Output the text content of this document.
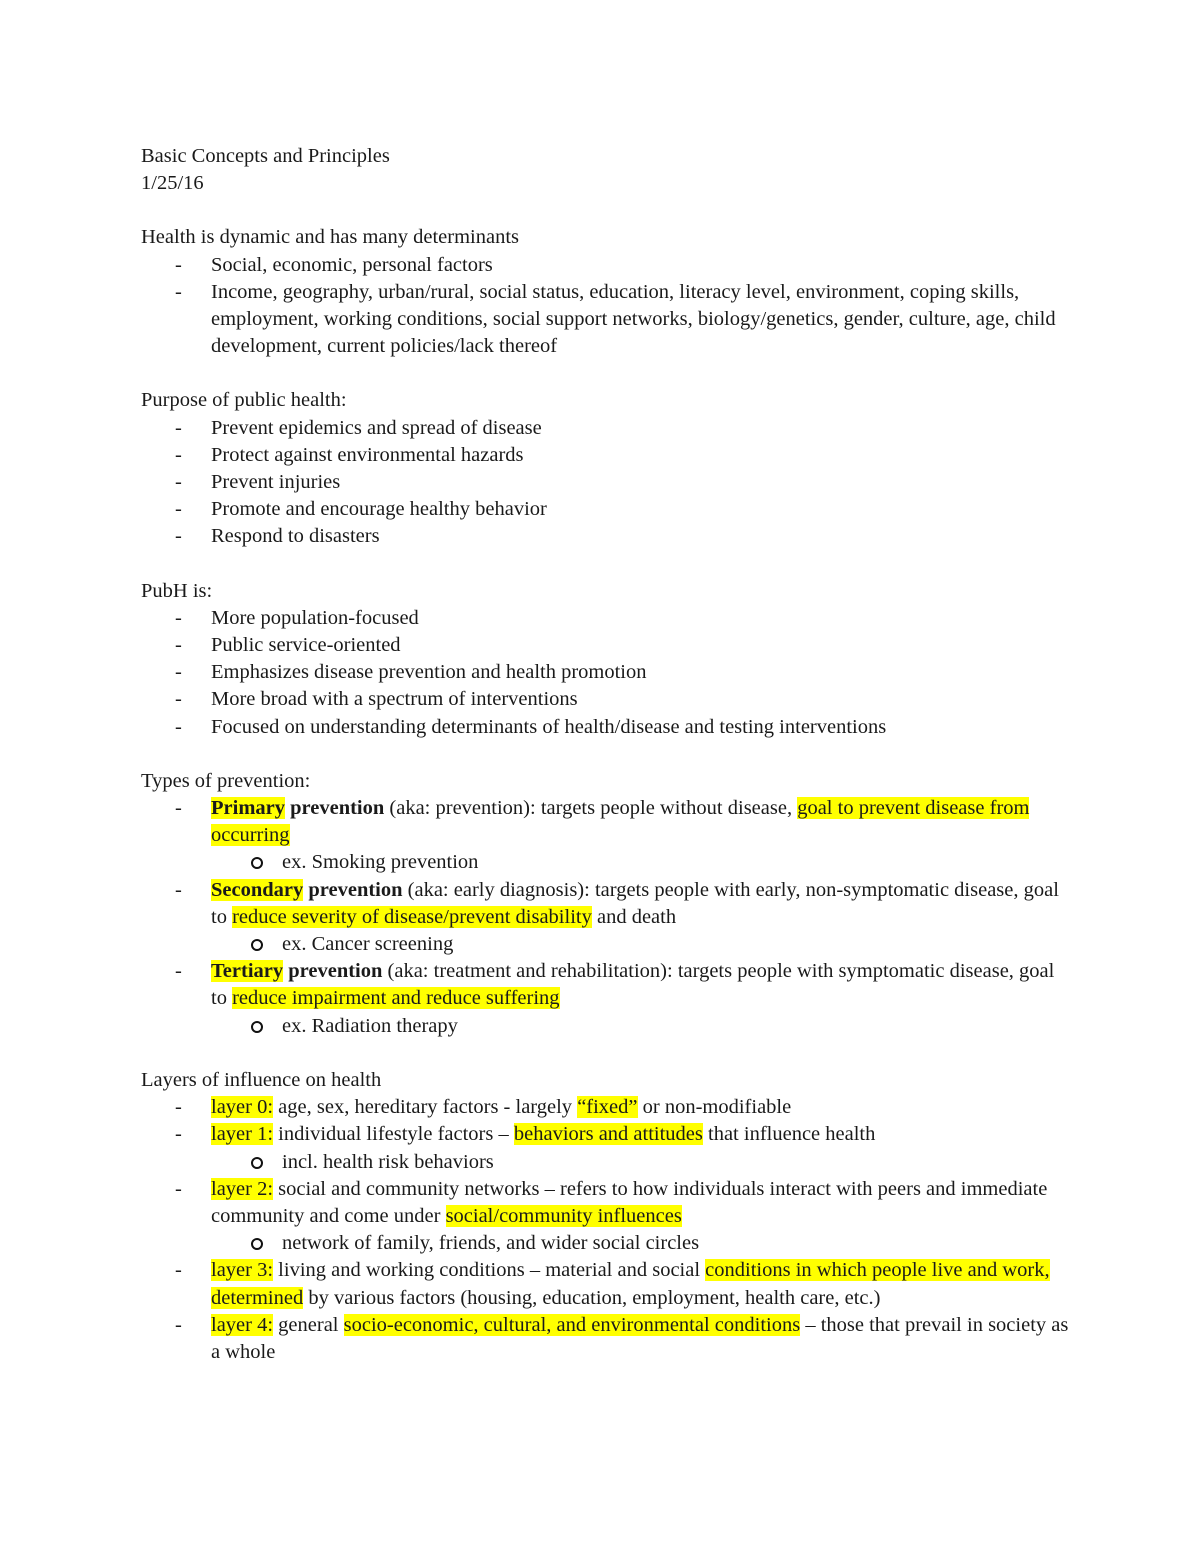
Basic Concepts and Principles

1/25/16

Health is dynamic and has many determinants

- Social, economic, personal factors
- Income, geography, urban/rural, social status, education, literacy level, environment, coping skills, employment, working conditions, social support networks, biology/genetics, gender, culture, age, child development, current policies/lack thereof

Purpose of public health:

- Prevent epidemics and spread of disease
- Protect against environmental hazards
- Prevent injuries
- Promote and encourage healthy behavior
- Respond to disasters

PubH is:

- More population-focused
- Public service-oriented
- Emphasizes disease prevention and health promotion
- More broad with a spectrum of interventions
- Focused on understanding determinants of health/disease and testing interventions

Types of prevention:

- Primary prevention (aka: prevention): targets people without disease, goal to prevent disease from occurring
ex. Smoking prevention
- Secondary prevention (aka: early diagnosis): targets people with early, non-symptomatic disease, goal to reduce severity of disease/prevent disability and death
ex. Cancer screening
- Tertiary prevention (aka: treatment and rehabilitation): targets people with symptomatic disease, goal to reduce impairment and reduce suffering
ex. Radiation therapy

Layers of influence on health

- layer 0: age, sex, hereditary factors - largely “fixed” or non-modifiable
- layer 1: individual lifestyle factors – behaviors and attitudes that influence health
incl. health risk behaviors
- layer 2: social and community networks – refers to how individuals interact with peers and immediate community and come under social/community influences
network of family, friends, and wider social circles
- layer 3: living and working conditions – material and social conditions in which people live and work, determined by various factors (housing, education, employment, health care, etc.)
- layer 4: general socio-economic, cultural, and environmental conditions – those that prevail in society as a whole
